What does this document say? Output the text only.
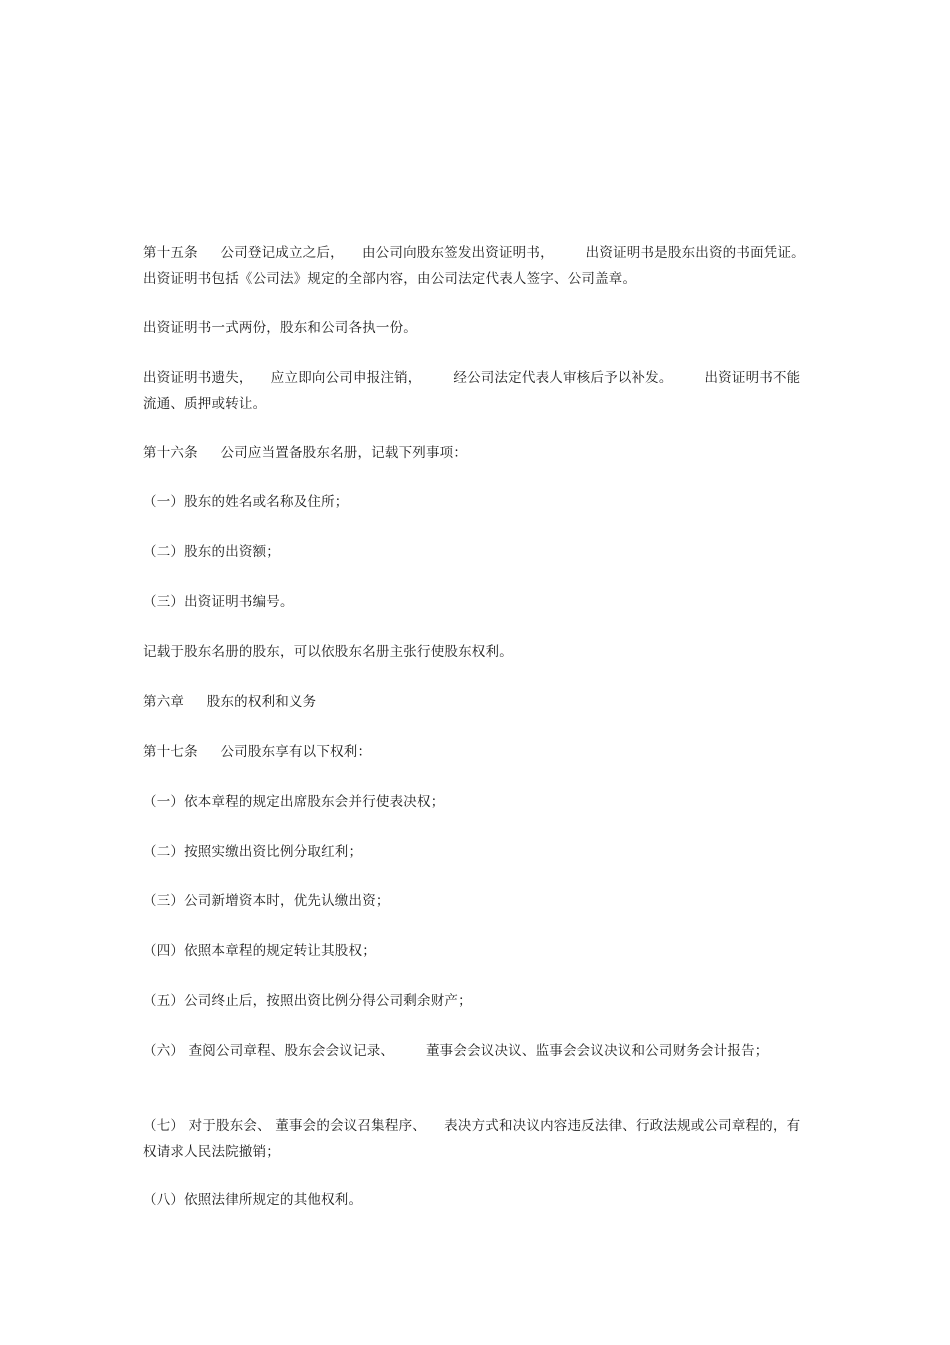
第十五条 　 公司登记成立之后， 　由公司向股东签发出资证明书， 　　出资证明书是股东出资的书面凭证。出资证明书包括《公司法》规定的全部内容，由公司法定代表人签字、公司盖章。
出资证明书一式两份，股东和公司各执一份。
出资证明书遗失， 　应立即向公司申报注销， 　　经公司法定代表人审核后予以补发。 　　出资证明书不能流通、质押或转让。
第十六条 　 公司应当置备股东名册，记载下列事项：
（一）股东的姓名或名称及住所；
（二）股东的出资额；
（三）出资证明书编号。
记载于股东名册的股东，可以依股东名册主张行使股东权利。
第六章 　 股东的权利和义务
第十七条 　 公司股东享有以下权利：
（一）依本章程的规定出席股东会并行使表决权；
（二）按照实缴出资比例分取红利；
（三）公司新增资本时，优先认缴出资；
（四）依照本章程的规定转让其股权；
（五）公司终止后，按照出资比例分得公司剩余财产；
（六） 查阅公司章程、股东会会议记录、 　　董事会会议决议、监事会会议决议和公司财务会计报告；
（七） 对于股东会、 董事会的会议召集程序、 　表决方式和决议内容违反法律、行政法规或公司章程的，有权请求人民法院撤销；
（八）依照法律所规定的其他权利。
